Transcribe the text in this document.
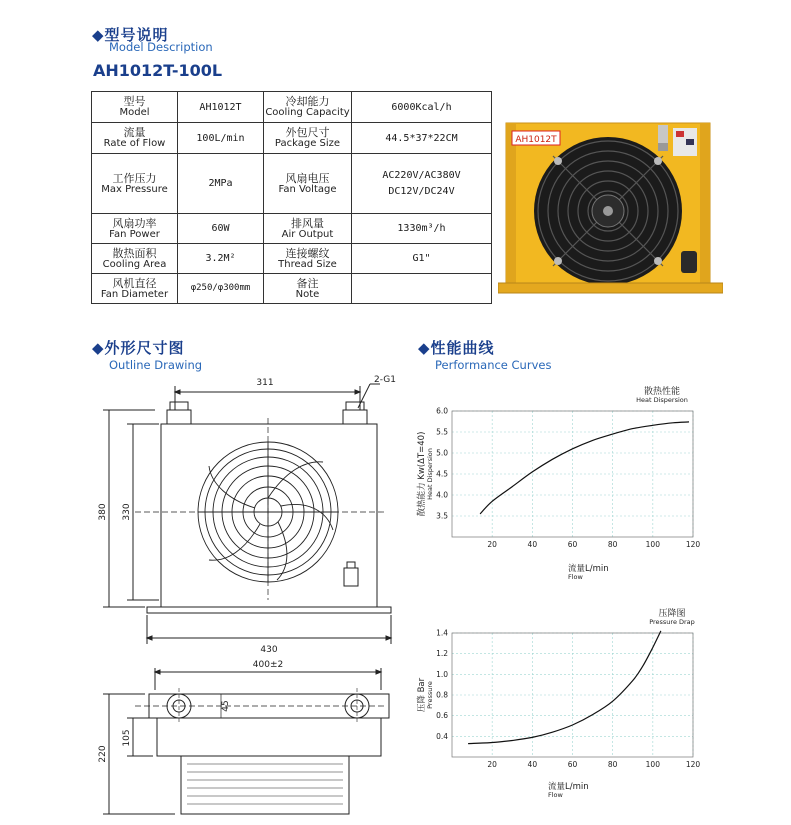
◆型号说明
Model Description
AH1012T-100L
型号
Model	AH1012T	冷却能力
Cooling Capacity	6000Kcal/h

流量
Rate of Flow	100L/min	外包尺寸
Package Size	44.5*37*22CM

工作压力
Max Pressure	2MPa	风扇电压
Fan Voltage	AC220V/AC380V
DC12V/DC24V

风扇功率
Fan Power	60W	排风量
Air Output	1330m³/h

散热面积
Cooling Area	3.2M²	连接螺纹
Thread Size	G1"

风机直径
Fan Diameter	φ250/φ300mm	备注
Note	

AH1012T
◆外形尺寸图
Outline Drawing
◆性能曲线
Performance Curves
311	2-G1
380 330
430
400±2
45
105
220
20	40	60	80	100	120
3.5
4.0
4.5
5.0
5.5
6.0
散热性能
Heat Dispersion
流量L/min
Flow
散热能力 Kw(ΔT=40) Heat Dispersion
20	40	60	80	100	120
0.4
0.6
0.8
1.0
1.2
1.4
压降图
Pressure Drap
流量L/min
Flow
压降 Bar Pressure
